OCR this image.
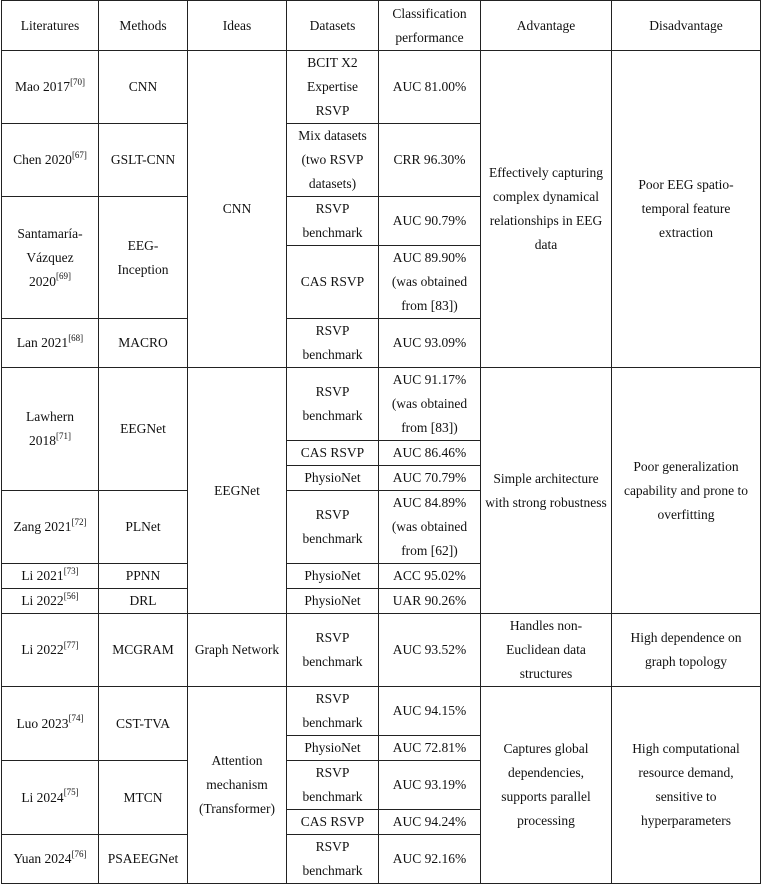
Literatures	Methods	Ideas	Datasets	Classification performance	Advantage	Disadvantage
Mao 2017[70]	CNN	CNN	BCIT X2 Expertise RSVP	AUC 81.00%	Effectively capturing complex dynamical relationships in EEG data	Poor EEG spatio-temporal feature extraction
Chen 2020[67]	GSLT-CNN		Mix datasets (two RSVP datasets)	CRR 96.30%		
Santamaría-Vázquez 2020[69]	EEG-Inception		RSVP benchmark	AUC 90.79%		
			CAS RSVP	AUC 89.90% (was obtained from [83])		
Lan 2021[68]	MACRO		RSVP benchmark	AUC 93.09%		

Lawhern 2018[71]	EEGNet	EEGNet	RSVP benchmark	AUC 91.17% (was obtained from [83])	Simple architecture with strong robustness	Poor generalization capability and prone to overfitting
			CAS RSVP	AUC 86.46%		
			PhysioNet	AUC 70.79%		
Zang 2021[72]	PLNet		RSVP benchmark	AUC 84.89% (was obtained from [62])		
Li 2021[73]	PPNN		PhysioNet	ACC 95.02%		
Li 2022[56]	DRL		PhysioNet	UAR 90.26%		
Li 2022[77]	MCGRAM	Graph Network	RSVP benchmark	AUC 93.52%	Handles non-Euclidean data structures	High dependence on graph topology
Luo 2023[74]	CST-TVA	Attention mechanism (Transformer)	RSVP benchmark	AUC 94.15%	Captures global dependencies, supports parallel processing	High computational resource demand, sensitive to hyperparameters
			PhysioNet	AUC 72.81%		
Li 2024[75]	MTCN		RSVP benchmark	AUC 93.19%		
			CAS RSVP	AUC 94.24%		
Yuan 2024[76]	PSAEEGNet		RSVP benchmark	AUC 92.16%		
